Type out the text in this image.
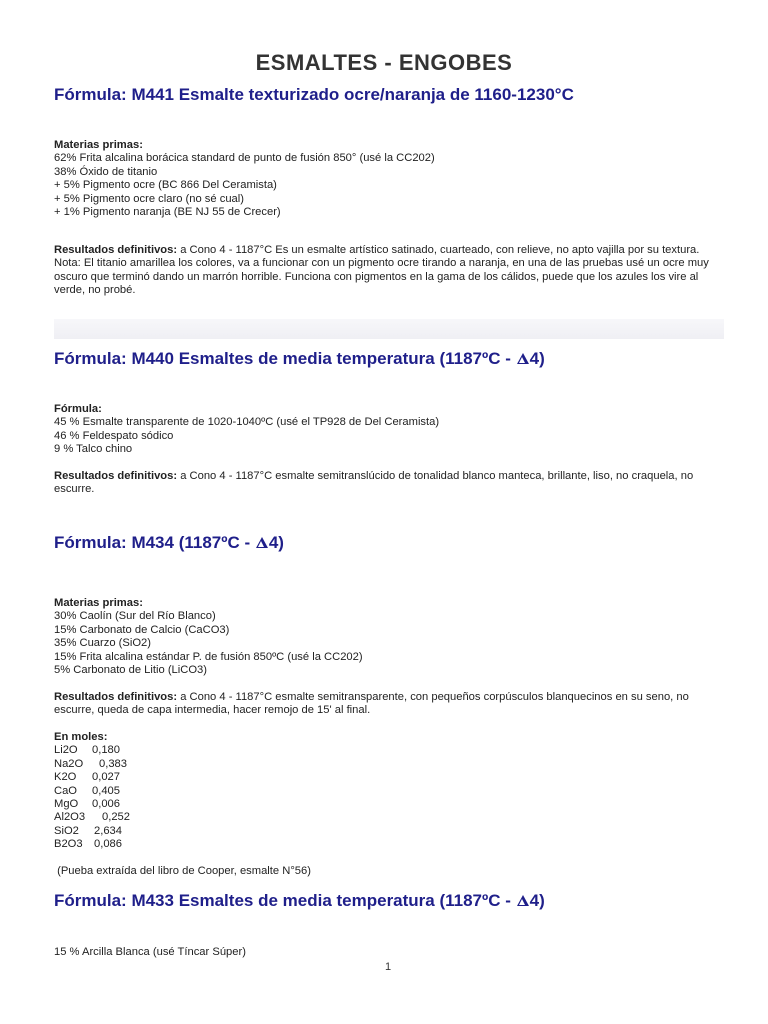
ESMALTES - ENGOBES
Fórmula: M441 Esmalte texturizado ocre/naranja de 1160-1230°C
Materias primas:
62% Frita alcalina borácica standard de punto de fusión 850° (usé la CC202)
38% Óxido de titanio
+ 5% Pigmento ocre (BC 866 Del Ceramista)
+ 5% Pigmento ocre claro (no sé cual)
+ 1% Pigmento naranja (BE NJ 55 de Crecer)
Resultados definitivos: a Cono 4 - 1187°C Es un esmalte artístico satinado, cuarteado, con relieve, no apto vajilla por su textura.
Nota: El titanio amarillea los colores, va a funcionar con un pigmento ocre tirando a naranja, en una de las pruebas usé un ocre muy oscuro que terminó dando un marrón horrible. Funciona con pigmentos en la gama de los cálidos, puede que los azules los vire al verde, no probé.
Fórmula: M440 Esmaltes de media temperatura (1187ºC - 4)
Fórmula:
45 % Esmalte transparente de 1020-1040ºC (usé el TP928 de Del Ceramista)
46 % Feldespato sódico
9 % Talco chino
Resultados definitivos: a Cono 4 - 1187°C esmalte semitranslúcido de tonalidad blanco manteca, brillante, liso, no craquela, no escurre.
Fórmula: M434 (1187ºC - 4)
Materias primas:
30% Caolín (Sur del Río Blanco)
15% Carbonato de Calcio (CaCO3)
35% Cuarzo (SiO2)
15% Frita alcalina estándar P. de fusión 850ºC (usé la CC202)
5% Carbonato de Litio (LiCO3)
Resultados definitivos: a Cono 4 - 1187°C esmalte semitransparente, con pequeños corpúsculos blanquecinos en su seno, no escurre, queda de capa intermedia, hacer remojo de 15' al final.
En moles:
Li2O 0,180
Na2O 0,383
K2O 0,027
CaO 0,405
MgO 0,006
Al2O3 0,252
SiO2 2,634
B2O3 0,086
(Pueba extraída del libro de Cooper, esmalte N°56)
Fórmula: M433 Esmaltes de media temperatura (1187ºC - 4)
15 % Arcilla Blanca (usé Tíncar Súper)
1
